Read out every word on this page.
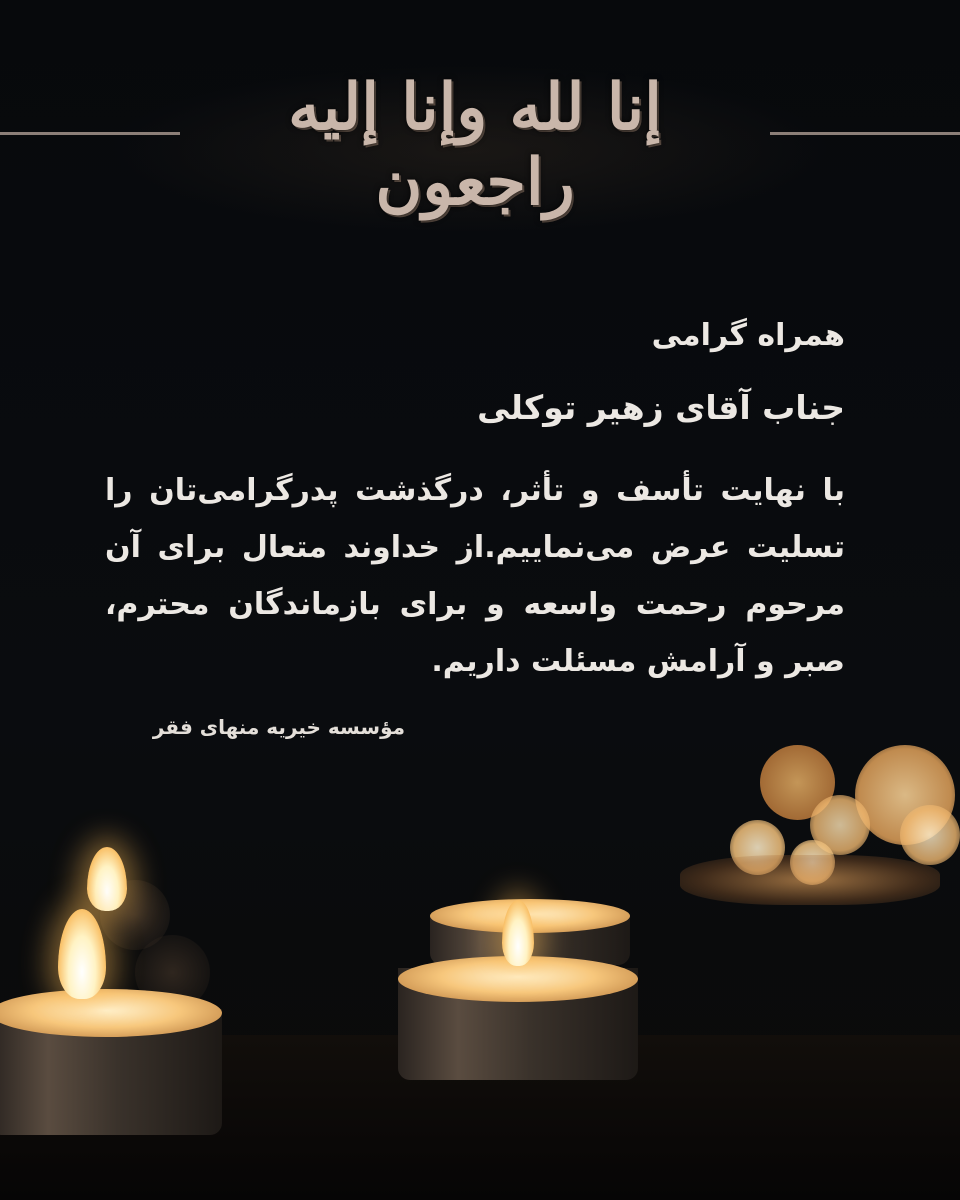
إنا لله وإنا إليه راجعون
همراه گرامی
جناب آقای زهیر توکلی
با نهایت تأسف و تأثر، درگذشت پدرگرامی‌تان را تسلیت عرض می‌نماییم.از خداوند متعال برای آن مرحوم رحمت واسعه و برای بازماندگان محترم، صبر و آرامش مسئلت داریم.
مؤسسه خیریه منهای فقر
